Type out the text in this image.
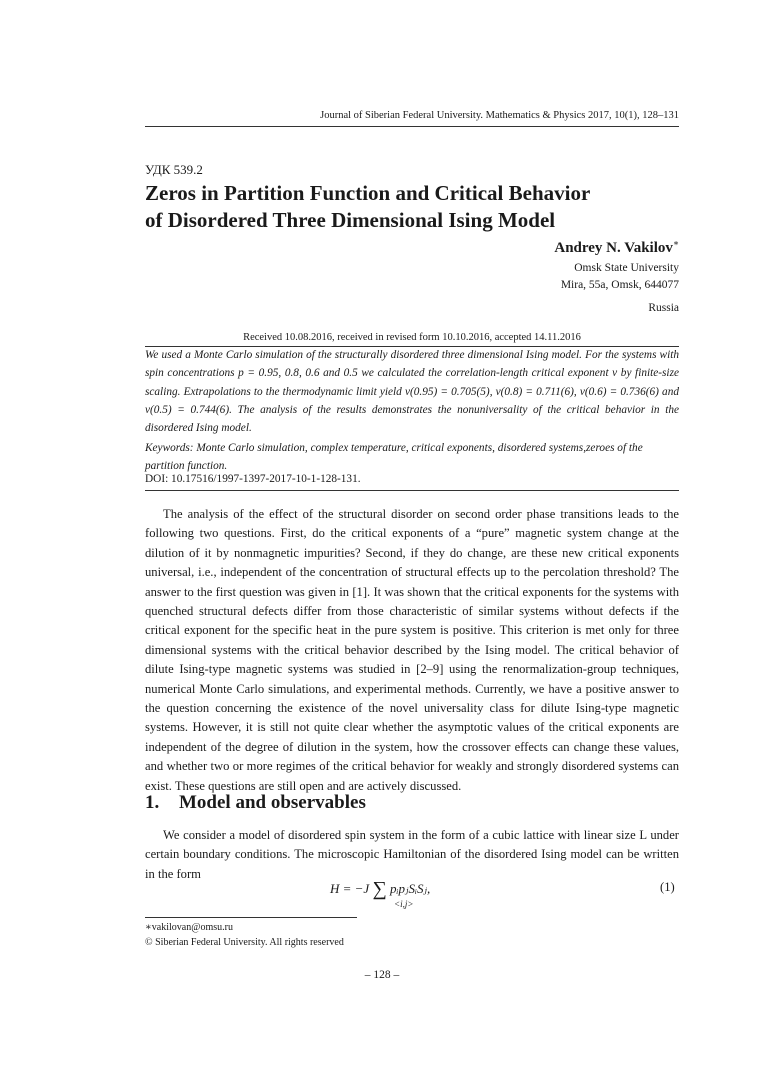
Journal of Siberian Federal University. Mathematics & Physics 2017, 10(1), 128–131
УДК 539.2
Zeros in Partition Function and Critical Behavior
of Disordered Three Dimensional Ising Model
Andrey N. Vakilov∗
Omsk State University
Mira, 55a, Omsk, 644077
Russia
Received 10.08.2016, received in revised form 10.10.2016, accepted 14.11.2016
We used a Monte Carlo simulation of the structurally disordered three dimensional Ising model. For the systems with spin concentrations p = 0.95, 0.8, 0.6 and 0.5 we calculated the correlation-length critical exponent ν by finite-size scaling. Extrapolations to the thermodynamic limit yield ν(0.95) = 0.705(5), ν(0.8) = 0.711(6), ν(0.6) = 0.736(6) and ν(0.5) = 0.744(6). The analysis of the results demonstrates the nonuniversality of the critical behavior in the disordered Ising model.
Keywords: Monte Carlo simulation, complex temperature, critical exponents, disordered systems,zeroes of the partition function.
DOI: 10.17516/1997-1397-2017-10-1-128-131.

The analysis of the effect of the structural disorder on second order phase transitions leads to the following two questions. First, do the critical exponents of a “pure” magnetic system change at the dilution of it by nonmagnetic impurities? Second, if they do change, are these new critical exponents universal, i.e., independent of the concentration of structural effects up to the percolation threshold? The answer to the first question was given in [1]. It was shown that the critical exponents for the systems with quenched structural defects differ from those characteristic of similar systems without defects if the critical exponent for the specific heat in the pure system is positive. This criterion is met only for three dimensional systems with the critical behavior described by the Ising model. The critical behavior of dilute Ising-type magnetic systems was studied in [2–9] using the renormalization-group techniques, numerical Monte Carlo simulations, and experimental methods. Currently, we have a positive answer to the question concerning the existence of the novel universality class for dilute Ising-type magnetic systems. However, it is still not quite clear whether the asymptotic values of the critical exponents are independent of the degree of dilution in the system, how the crossover effects can change these values, and whether two or more regimes of the critical behavior for weakly and strongly disordered systems can exist. These questions are still open and are actively discussed.

1. Model and observables

We consider a model of disordered spin system in the form of a cubic lattice with linear size L under certain boundary conditions. The microscopic Hamiltonian of the disordered Ising model can be written in the form

H = −J ∑
<i,j>
pᵢpⱼSᵢSⱼ,	(1)
∗vakilovan@omsu.ru
© Siberian Federal University. All rights reserved
– 128 –
